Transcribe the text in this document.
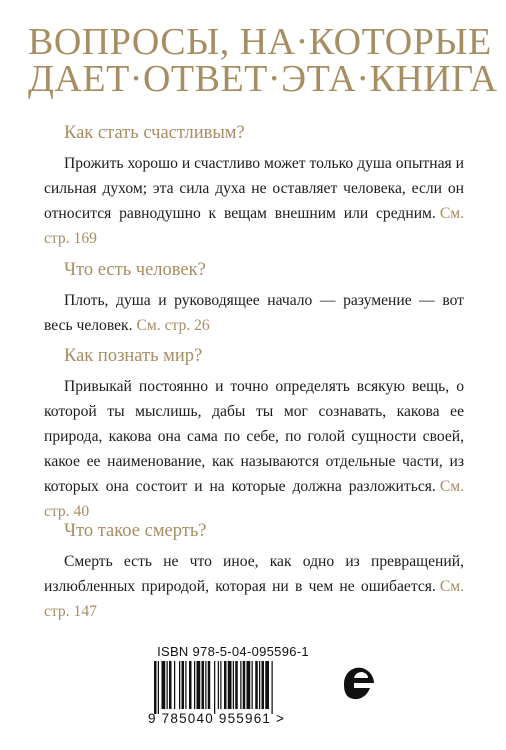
ВОПРОСЫ, НА·КОТОРЫЕ
ДАЕТ·ОТВЕТ·ЭТА·КНИГА
Как стать счастливым?
Прожить хорошо и счастливо может только душа опытная и сильная духом; эта сила духа не оставляет человека, если он относится равнодушно к вещам внешним или средним. См. стр. 169
Что есть человек?
Плоть, душа и руководящее начало — разумение — вот весь человек. См. стр. 26
Как познать мир?
Привыкай постоянно и точно определять всякую вещь, о которой ты мыслишь, дабы ты мог сознавать, какова ее природа, какова она сама по себе, по голой сущности своей, какое ее наименование, как называются отдельные части, из которых она состоит и на которые должна разложиться. См. стр. 40
Что такое смерть?
Смерть есть не что иное, как одно из превращений, излюбленных природой, которая ни в чем не ошибается. См. стр. 147
ISBN 978-5-04-095596-1
9 785040 955961 >
